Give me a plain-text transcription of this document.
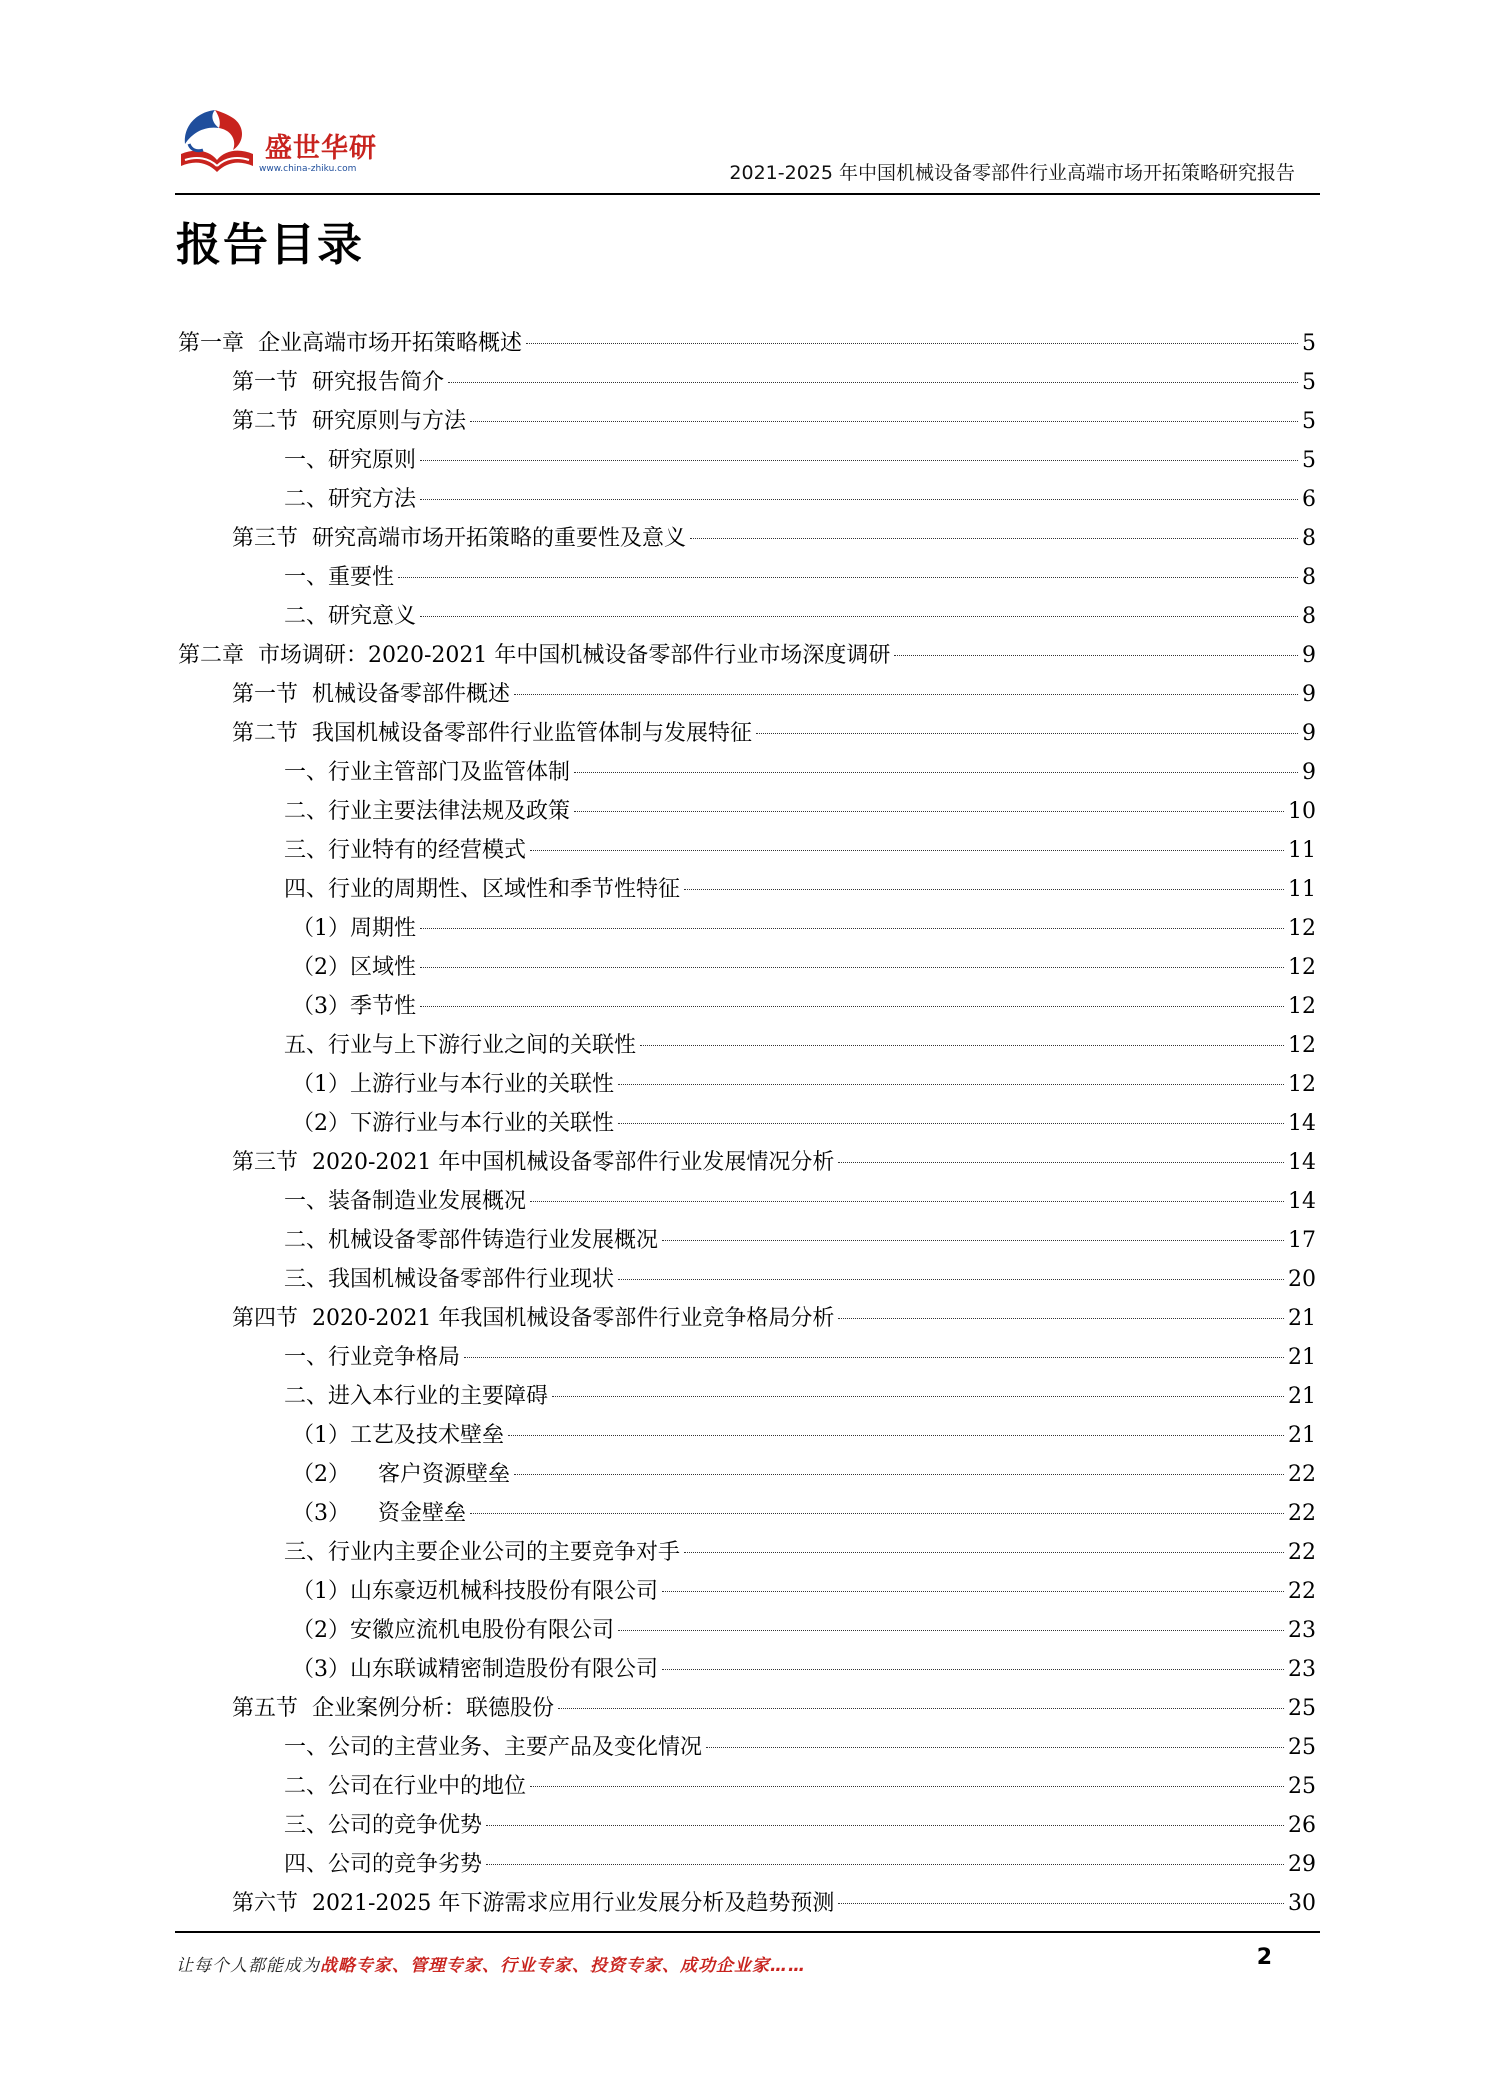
盛世华研
www.china-zhiku.com	2021-2025 年中国机械设备零部件行业高端市场开拓策略研究报告
报告目录
第一章  企业高端市场开拓策略概述	5
第一节  研究报告简介	5
第二节  研究原则与方法	5
一、研究原则	5
二、研究方法	6
第三节  研究高端市场开拓策略的重要性及意义	8
一、重要性	8
二、研究意义	8
第二章  市场调研：2020-2021 年中国机械设备零部件行业市场深度调研	9
第一节  机械设备零部件概述	9
第二节  我国机械设备零部件行业监管体制与发展特征	9
一、行业主管部门及监管体制	9
二、行业主要法律法规及政策	10
三、行业特有的经营模式	11
四、行业的周期性、区域性和季节性特征	11
（1）周期性	12
（2）区域性	12
（3）季节性	12
五、行业与上下游行业之间的关联性	12
（1）上游行业与本行业的关联性	12
（2）下游行业与本行业的关联性	14
第三节  2020-2021 年中国机械设备零部件行业发展情况分析	14
一、装备制造业发展概况	14
二、机械设备零部件铸造行业发展概况	17
三、我国机械设备零部件行业现状	20
第四节  2020-2021 年我国机械设备零部件行业竞争格局分析	21
一、行业竞争格局	21
二、进入本行业的主要障碍	21
（1）工艺及技术壁垒	21
（2）    客户资源壁垒	22
（3）    资金壁垒	22
三、行业内主要企业公司的主要竞争对手	22
（1）山东豪迈机械科技股份有限公司	22
（2）安徽应流机电股份有限公司	23
（3）山东联诚精密制造股份有限公司	23
第五节  企业案例分析：联德股份	25
一、公司的主营业务、主要产品及变化情况	25
二、公司在行业中的地位	25
三、公司的竞争优势	26
四、公司的竞争劣势	29
第六节  2021-2025 年下游需求应用行业发展分析及趋势预测	30
让每个人都能成为战略专家、管理专家、行业专家、投资专家、成功企业家……	2
